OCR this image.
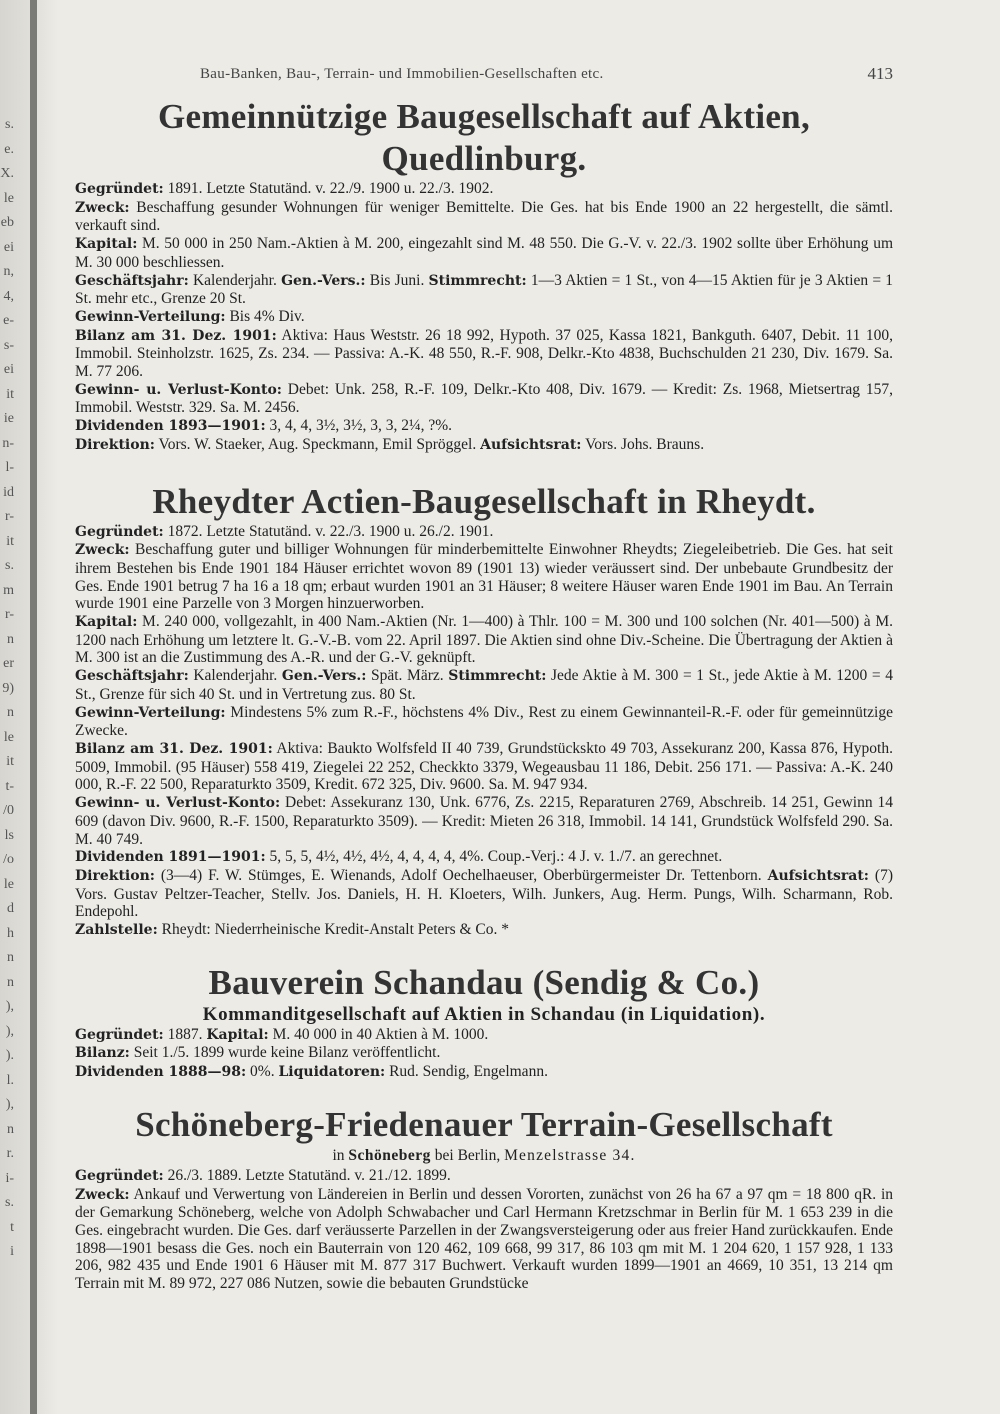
s.
e.
X.
le
eb
ei
n,
4,
e-
s-
ei
it
ie
n-
l-
id
r-
it
s.
m
r-
n
er
9)
n
le
it
t-
/0
ls
/o
le
d
h
n
n
),
),
).
l.
),
n
r.
i-
s.
t
i
Bau-Banken, Bau-, Terrain- und Immobilien-Gesellschaften etc.	413
Gemeinnützige Baugesellschaft auf Aktien, Quedlinburg.

Gegründet: 1891. Letzte Statutänd. v. 22./9. 1900 u. 22./3. 1902.

Zweck: Beschaffung gesunder Wohnungen für weniger Bemittelte. Die Ges. hat bis Ende 1900 an 22 hergestellt, die sämtl. verkauft sind.

Kapital: M. 50 000 in 250 Nam.-Aktien à M. 200, eingezahlt sind M. 48 550. Die G.-V. v. 22./3. 1902 sollte über Erhöhung um M. 30 000 beschliessen.

Geschäftsjahr: Kalenderjahr. Gen.-Vers.: Bis Juni. Stimmrecht: 1—3 Aktien = 1 St., von 4—15 Aktien für je 3 Aktien = 1 St. mehr etc., Grenze 20 St.

Gewinn-Verteilung: Bis 4% Div.

Bilanz am 31. Dez. 1901: Aktiva: Haus Weststr. 26 18 992, Hypoth. 37 025, Kassa 1821, Bankguth. 6407, Debit. 11 100, Immobil. Steinholzstr. 1625, Zs. 234. — Passiva: A.-K. 48 550, R.-F. 908, Delkr.-Kto 4838, Buchschulden 21 230, Div. 1679. Sa. M. 77 206.

Gewinn- u. Verlust-Konto: Debet: Unk. 258, R.-F. 109, Delkr.-Kto 408, Div. 1679. — Kredit: Zs. 1968, Mietsertrag 157, Immobil. Weststr. 329. Sa. M. 2456.

Dividenden 1893—1901: 3, 4, 4, 3½, 3½, 3, 3, 2¼, ?%.

Direktion: Vors. W. Staeker, Aug. Speckmann, Emil Spröggel. Aufsichtsrat: Vors. Johs. Brauns.

Rheydter Actien-Baugesellschaft in Rheydt.

Gegründet: 1872. Letzte Statutänd. v. 22./3. 1900 u. 26./2. 1901.

Zweck: Beschaffung guter und billiger Wohnungen für minderbemittelte Einwohner Rheydts; Ziegeleibetrieb. Die Ges. hat seit ihrem Bestehen bis Ende 1901 184 Häuser errichtet wovon 89 (1901 13) wieder veräussert sind. Der unbebaute Grundbesitz der Ges. Ende 1901 betrug 7 ha 16 a 18 qm; erbaut wurden 1901 an 31 Häuser; 8 weitere Häuser waren Ende 1901 im Bau. An Terrain wurde 1901 eine Parzelle von 3 Morgen hinzuerworben.

Kapital: M. 240 000, vollgezahlt, in 400 Nam.-Aktien (Nr. 1—400) à Thlr. 100 = M. 300 und 100 solchen (Nr. 401—500) à M. 1200 nach Erhöhung um letztere lt. G.-V.-B. vom 22. April 1897. Die Aktien sind ohne Div.-Scheine. Die Übertragung der Aktien à M. 300 ist an die Zustimmung des A.-R. und der G.-V. geknüpft.

Geschäftsjahr: Kalenderjahr. Gen.-Vers.: Spät. März. Stimmrecht: Jede Aktie à M. 300 = 1 St., jede Aktie à M. 1200 = 4 St., Grenze für sich 40 St. und in Vertretung zus. 80 St.

Gewinn-Verteilung: Mindestens 5% zum R.-F., höchstens 4% Div., Rest zu einem Gewinnanteil-R.-F. oder für gemeinnützige Zwecke.

Bilanz am 31. Dez. 1901: Aktiva: Baukto Wolfsfeld II 40 739, Grundstückskto 49 703, Assekuranz 200, Kassa 876, Hypoth. 5009, Immobil. (95 Häuser) 558 419, Ziegelei 22 252, Checkkto 3379, Wegeausbau 11 186, Debit. 256 171. — Passiva: A.-K. 240 000, R.-F. 22 500, Reparaturkto 3509, Kredit. 672 325, Div. 9600. Sa. M. 947 934.

Gewinn- u. Verlust-Konto: Debet: Assekuranz 130, Unk. 6776, Zs. 2215, Reparaturen 2769, Abschreib. 14 251, Gewinn 14 609 (davon Div. 9600, R.-F. 1500, Reparaturkto 3509). — Kredit: Mieten 26 318, Immobil. 14 141, Grundstück Wolfsfeld 290. Sa. M. 40 749.

Dividenden 1891—1901: 5, 5, 5, 4½, 4½, 4½, 4, 4, 4, 4, 4%. Coup.-Verj.: 4 J. v. 1./7. an gerechnet.

Direktion: (3—4) F. W. Stümges, E. Wienands, Adolf Oechelhaeuser, Oberbürgermeister Dr. Tettenborn. Aufsichtsrat: (7) Vors. Gustav Peltzer-Teacher, Stellv. Jos. Daniels, H. H. Kloeters, Wilh. Junkers, Aug. Herm. Pungs, Wilh. Scharmann, Rob. Endepohl.

Zahlstelle: Rheydt: Niederrheinische Kredit-Anstalt Peters & Co. *

Bauverein Schandau (Sendig & Co.)

Kommanditgesellschaft auf Aktien in Schandau (in Liquidation).

Gegründet: 1887. Kapital: M. 40 000 in 40 Aktien à M. 1000.

Bilanz: Seit 1./5. 1899 wurde keine Bilanz veröffentlicht.

Dividenden 1888—98: 0%. Liquidatoren: Rud. Sendig, Engelmann.

Schöneberg-Friedenauer Terrain-Gesellschaft

in Schöneberg bei Berlin, Menzelstrasse 34.

Gegründet: 26./3. 1889. Letzte Statutänd. v. 21./12. 1899.

Zweck: Ankauf und Verwertung von Ländereien in Berlin und dessen Vororten, zunächst von 26 ha 67 a 97 qm = 18 800 qR. in der Gemarkung Schöneberg, welche von Adolph Schwabacher und Carl Hermann Kretzschmar in Berlin für M. 1 653 239 in die Ges. eingebracht wurden. Die Ges. darf veräusserte Parzellen in der Zwangsversteigerung oder aus freier Hand zurückkaufen. Ende 1898—1901 besass die Ges. noch ein Bauterrain von 120 462, 109 668, 99 317, 86 103 qm mit M. 1 204 620, 1 157 928, 1 133 206, 982 435 und Ende 1901 6 Häuser mit M. 877 317 Buchwert. Verkauft wurden 1899—1901 an 4669, 10 351, 13 214 qm Terrain mit M. 89 972, 227 086 Nutzen, sowie die bebauten Grundstücke
